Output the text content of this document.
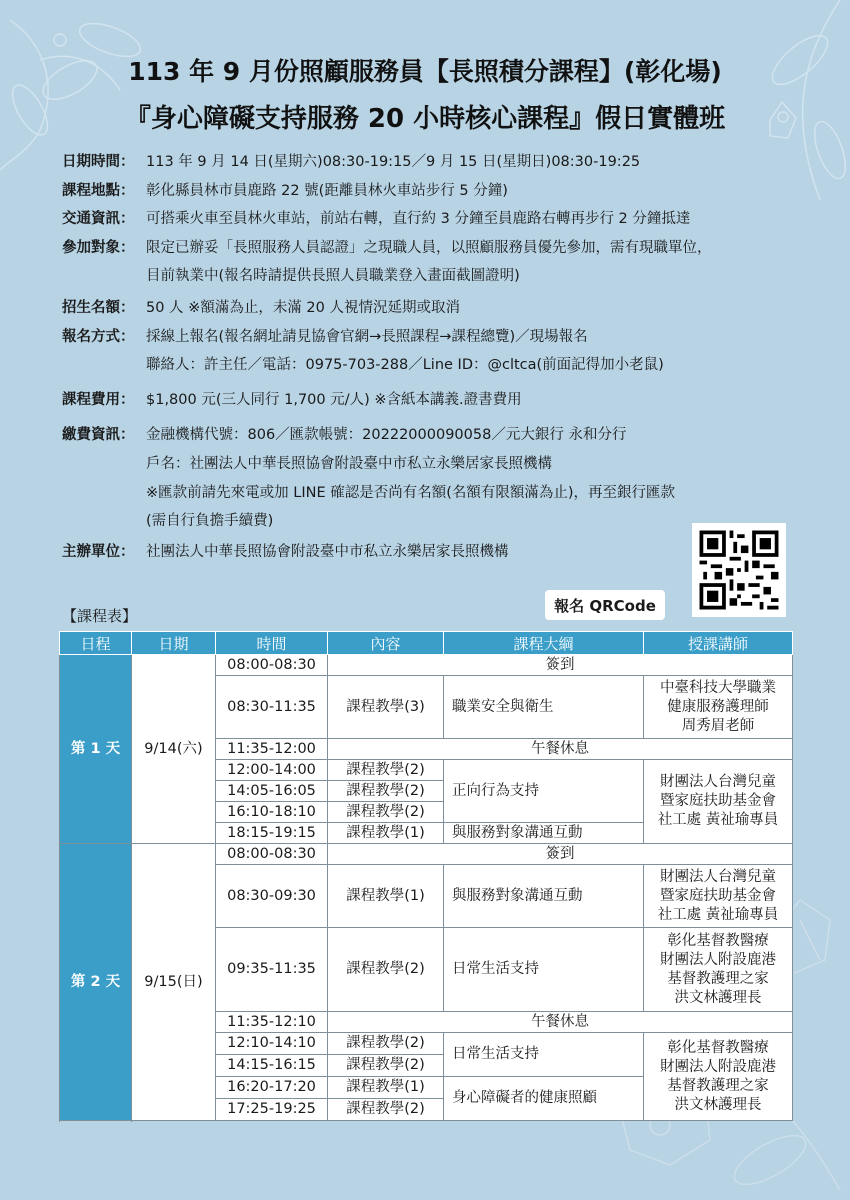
113 年 9 月份照顧服務員【長照積分課程】(彰化場)
『身心障礙支持服務 20 小時核心課程』假日實體班
日期時間： 113 年 9 月 14 日(星期六)08:30-19:15／9 月 15 日(星期日)08:30-19:25
課程地點： 彰化縣員林市員鹿路 22 號(距離員林火車站步行 5 分鐘)
交通資訊： 可搭乘火車至員林火車站，前站右轉，直行約 3 分鐘至員鹿路右轉再步行 2 分鐘抵達
參加對象： 限定已辦妥「長照服務人員認證」之現職人員，以照顧服務員優先參加，需有現職單位，
目前執業中(報名時請提供長照人員職業登入畫面截圖證明)
招生名額： 50 人 ※額滿為止，未滿 20 人視情況延期或取消
報名方式： 採線上報名(報名網址請見協會官網→長照課程→課程總覽)／現場報名
聯絡人：許主任／電話：0975-703-288／Line ID：@cltca(前面記得加小老鼠)
課程費用： $1,800 元(三人同行 1,700 元/人) ※含紙本講義.證書費用
繳費資訊： 金融機構代號：806／匯款帳號：20222000090058／元大銀行 永和分行
戶名：社團法人中華長照協會附設臺中市私立永樂居家長照機構
※匯款前請先來電或加 LINE 確認是否尚有名額(名額有限額滿為止)，再至銀行匯款
(需自行負擔手續費)
主辦單位： 社團法人中華長照協會附設臺中市私立永樂居家長照機構
報名 QRCode
【課程表】
日程	日期	時間	內容	課程大綱	授課講師
第 1 天	9/14(六)	08:00-08:30	簽到		
		08:30-11:35	課程教學(3)	職業安全與衛生	中臺科技大學職業
健康服務護理師
周秀眉老師

		11:35-12:00	午餐休息		
		12:00-14:00	課程教學(2)	正向行為支持	財團法人台灣兒童
暨家庭扶助基金會
社工處 黃祉瑜專員

		14:05-16:05	課程教學(2)		
		16:10-18:10	課程教學(2)		
		18:15-19:15	課程教學(1)	與服務對象溝通互動	

第 2 天	9/15(日)	08:00-08:30	簽到		
		08:30-09:30	課程教學(1)	與服務對象溝通互動	財團法人台灣兒童
暨家庭扶助基金會
社工處 黃祉瑜專員

		09:35-11:35	課程教學(2)	日常生活支持	彰化基督教醫療
財團法人附設鹿港
基督教護理之家
洪文林護理長

		11:35-12:10	午餐休息		
		12:10-14:10	課程教學(2)	日常生活支持	彰化基督教醫療
財團法人附設鹿港
基督教護理之家
洪文林護理長

		14:15-16:15	課程教學(2)		
		16:20-17:20	課程教學(1)	身心障礙者的健康照顧	
		17:25-19:25	課程教學(2)		
